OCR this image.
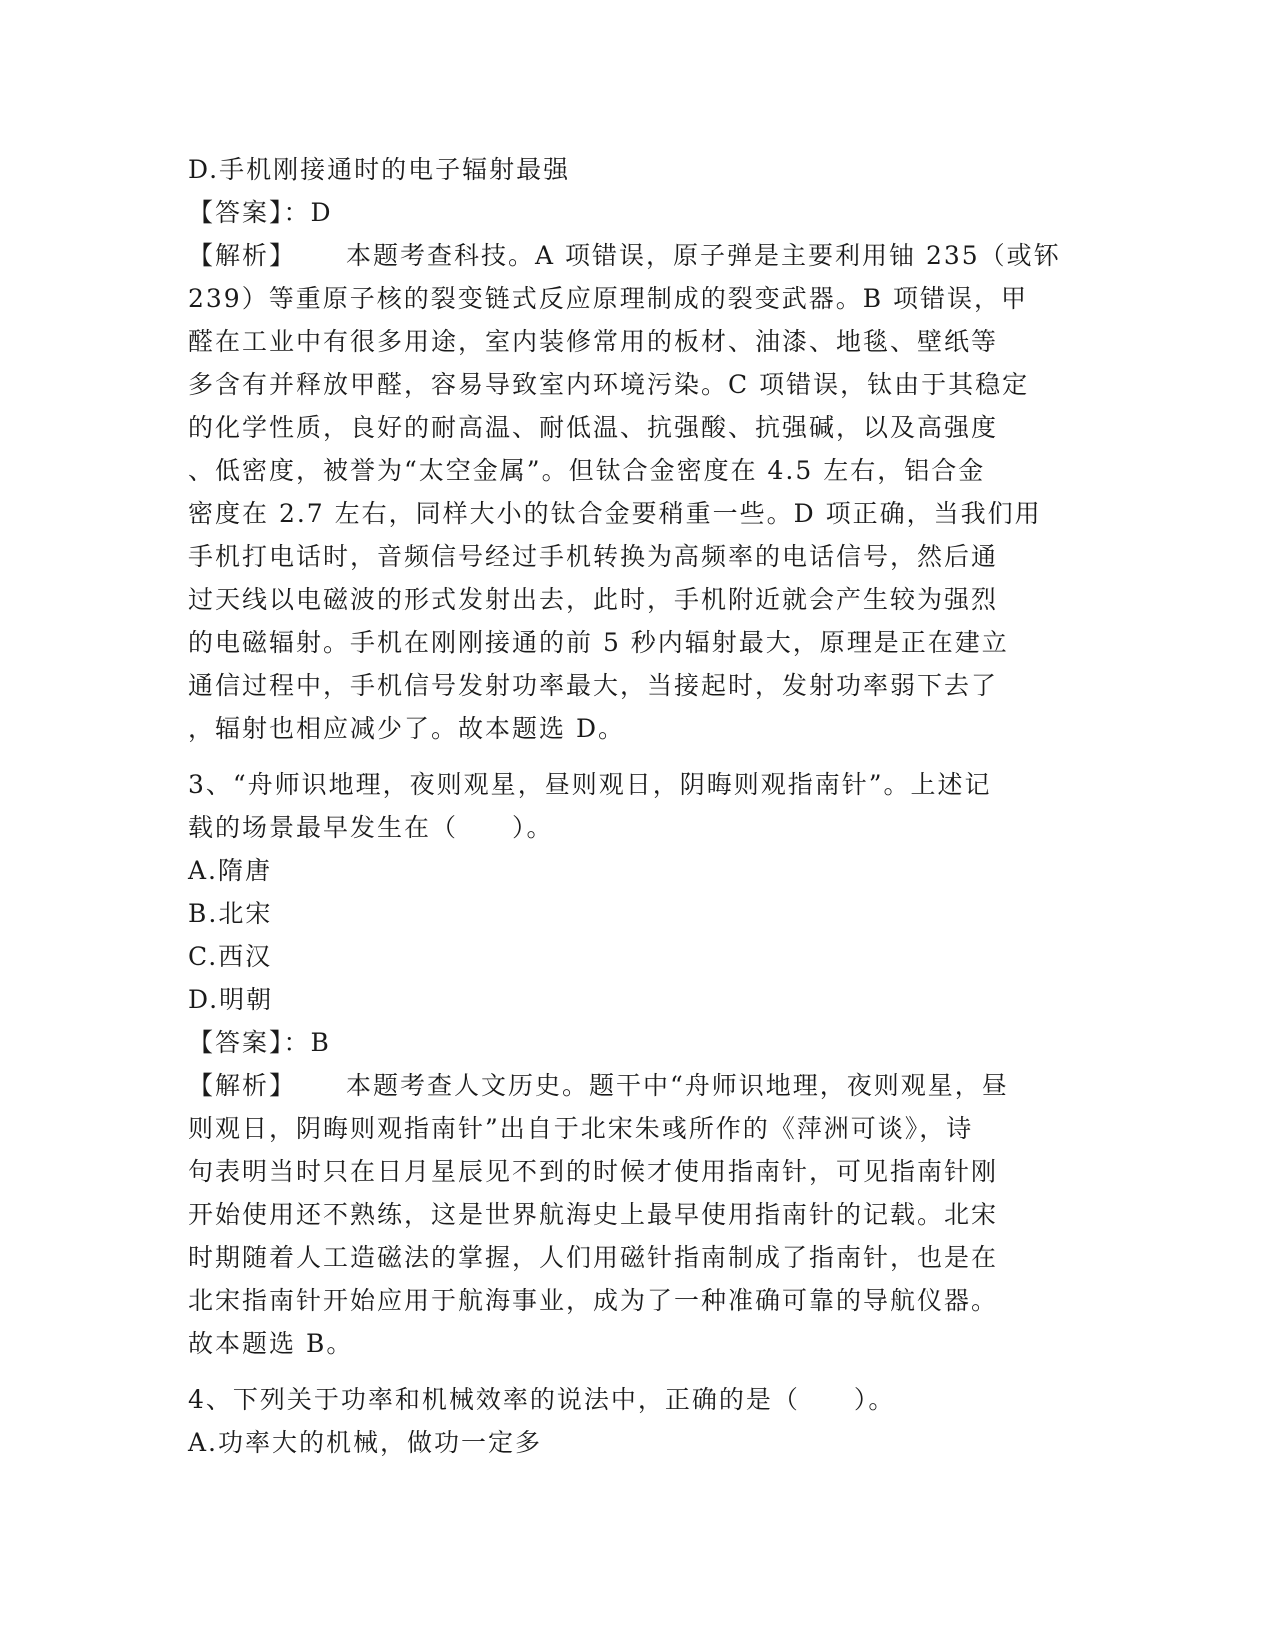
D.手机刚接通时的电子辐射最强
【答案】：D
【解析】 本题考查科技。A 项错误，原子弹是主要利用铀 235（或钚
239）等重原子核的裂变链式反应原理制成的裂变武器。B 项错误，甲
醛在工业中有很多用途，室内装修常用的板材、油漆、地毯、壁纸等
多含有并释放甲醛，容易导致室内环境污染。C 项错误，钛由于其稳定
的化学性质，良好的耐高温、耐低温、抗强酸、抗强碱，以及高强度
、低密度，被誉为“太空金属”。但钛合金密度在 4.5 左右，铝合金
密度在 2.7 左右，同样大小的钛合金要稍重一些。D 项正确，当我们用
手机打电话时，音频信号经过手机转换为高频率的电话信号，然后通
过天线以电磁波的形式发射出去，此时，手机附近就会产生较为强烈
的电磁辐射。手机在刚刚接通的前 5 秒内辐射最大，原理是正在建立
通信过程中，手机信号发射功率最大，当接起时，发射功率弱下去了
，辐射也相应减少了。故本题选 D。
3、“舟师识地理，夜则观星，昼则观日，阴晦则观指南针”。上述记
载的场景最早发生在（　　）。
A.隋唐
B.北宋
C.西汉
D.明朝
【答案】：B
【解析】 本题考查人文历史。题干中“舟师识地理，夜则观星，昼
则观日，阴晦则观指南针”出自于北宋朱彧所作的《萍洲可谈》，诗
句表明当时只在日月星辰见不到的时候才使用指南针，可见指南针刚
开始使用还不熟练，这是世界航海史上最早使用指南针的记载。北宋
时期随着人工造磁法的掌握，人们用磁针指南制成了指南针，也是在
北宋指南针开始应用于航海事业，成为了一种准确可靠的导航仪器。
故本题选 B。
4、下列关于功率和机械效率的说法中，正确的是（　　）。
A.功率大的机械，做功一定多
